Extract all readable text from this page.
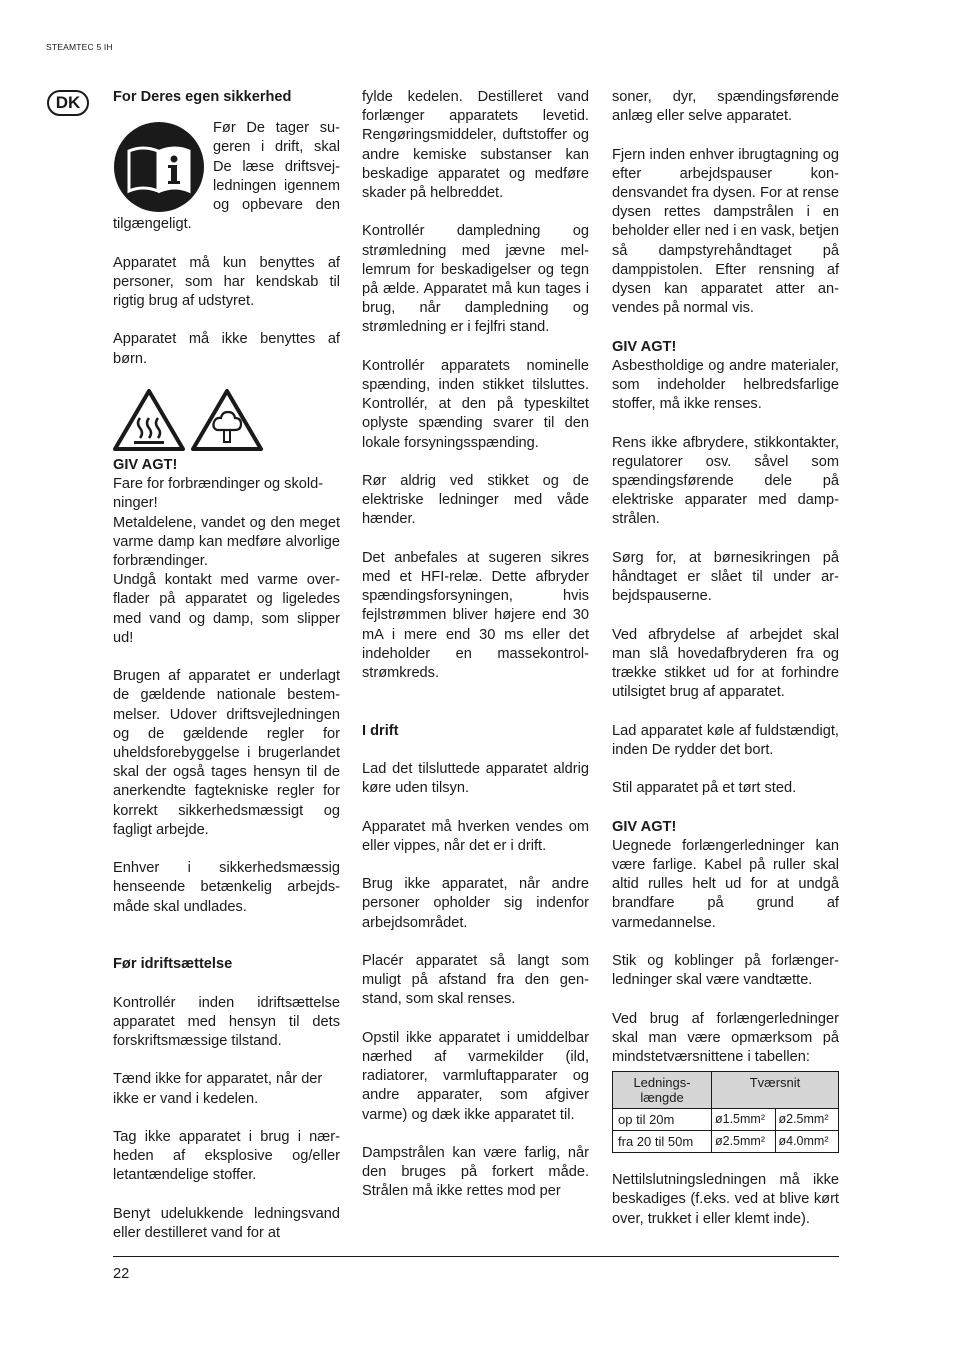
STEAMTEC 5 IH
DK	For Deres egen sikkerhed

Før De tager sugeren i drift, skal De læse driftsvejledningen igennem og opbevare den tilgængeligt.

Apparatet må kun benyttes af personer, som har kendskab til rigtig brug af udstyret.

Apparatet må ikke benyttes af børn.

GIV AGT!

Fare for forbrændinger og skoldninger!

Metaldelene, vandet og den meget varme damp kan medføre alvorlige forbrændinger.

Undgå kontakt med varme overflader på apparatet og ligeledes med vand og damp, som slipper ud!

Brugen af apparatet er underlagt de gældende nationale bestemmelser. Udover driftsvejledningen og de gældende regler for uheldsforebyggelse i brugerlandet skal der også tages hensyn til de anerkendte fagtekniske regler for korrekt sikkerhedsmæssigt og fagligt arbejde.

Enhver i sikkerhedsmæssig henseende betænkelig arbejdsmåde skal undlades.

Før idriftsættelse

Kontrollér inden idriftsættelse apparatet med hensyn til dets forskriftsmæssige tilstand.

Tænd ikke for apparatet, når der ikke er vand i kedelen.

Tag ikke apparatet i brug i nærheden af eksplosive og/eller letantændelige stoffer.

Benyt udelukkende ledningsvand eller destilleret vand for at

fylde kedelen. Destilleret vand forlænger apparatets levetid. Rengøringsmiddeler, duftstoffer og andre kemiske substanser kan beskadige apparatet og medføre skader på helbreddet.

Kontrollér dampledning og strømledning med jævne mellemrum for beskadigelser og tegn på ælde. Apparatet må kun tages i brug, når dampledning og strømledning er i fejlfri stand.

Kontrollér apparatets nominelle spænding, inden stikket tilsluttes. Kontrollér, at den på typeskiltet oplyste spænding svarer til den lokale forsyningsspænding.

Rør aldrig ved stikket og de elektriske ledninger med våde hænder.

Det anbefales at sugeren sikres med et HFI-relæ. Dette afbryder spændingsforsyningen, hvis fejlstrømmen bliver højere end 30 mA i mere end 30 ms eller det indeholder en massekontrolstrømkreds.

I drift

Lad det tilsluttede apparatet aldrig køre uden tilsyn.

Apparatet må hverken vendes om eller vippes, når det er i drift.

Brug ikke apparatet, når andre personer opholder sig indenfor arbejdsområdet.

Placér apparatet så langt som muligt på afstand fra den genstand, som skal renses.

Opstil ikke apparatet i umiddelbar nærhed af varmekilder (ild, radiatorer, varmluftapparater og andre apparater, som afgiver varme) og dæk ikke apparatet til.

Dampstrålen kan være farlig, når den bruges på forkert måde. Strålen må ikke rettes mod per

soner, dyr, spændingsførende anlæg eller selve apparatet.

Fjern inden enhver ibrugtagning og efter arbejdspauser kondensvandet fra dysen. For at rense dysen rettes dampstrålen i en beholder eller ned i en vask, betjen så dampstyrehåndtaget på damppistolen. Efter rensning af dysen kan apparatet atter anvendes på normal vis.

GIV AGT!

Asbestholdige og andre materialer, som indeholder helbredsfarlige stoffer, må ikke renses.

Rens ikke afbrydere, stikkontakter, regulatorer osv. såvel som spændingsførende dele på elektriske apparater med dampstrålen.

Sørg for, at børnesikringen på håndtaget er slået til under arbejdspauserne.

Ved afbrydelse af arbejdet skal man slå hovedafbryderen fra og trække stikket ud for at forhindre utilsigtet brug af apparatet.

Lad apparatet køle af fuldstændigt, inden De rydder det bort.

Stil apparatet på et tørt sted.

GIV AGT!

Uegnede forlængerledninger kan være farlige. Kabel på ruller skal altid rulles helt ud for at undgå brandfare på grund af varmedannelse.

Stik og koblinger på forlængerledninger skal være vandtætte.

Ved brug af forlængerledninger skal man være opmærksom på mindstetværsnittene i tabellen:

Ledningslængde	Tværsnit	
op til 20m	ø1.5mm²	ø2.5mm²
fra 20 til 50m	ø2.5mm²	ø4.0mm²

Nettilslutningsledningen må ikke beskadiges (f.eks. ved at blive kørt over, trukket i eller klemt inde).

22
